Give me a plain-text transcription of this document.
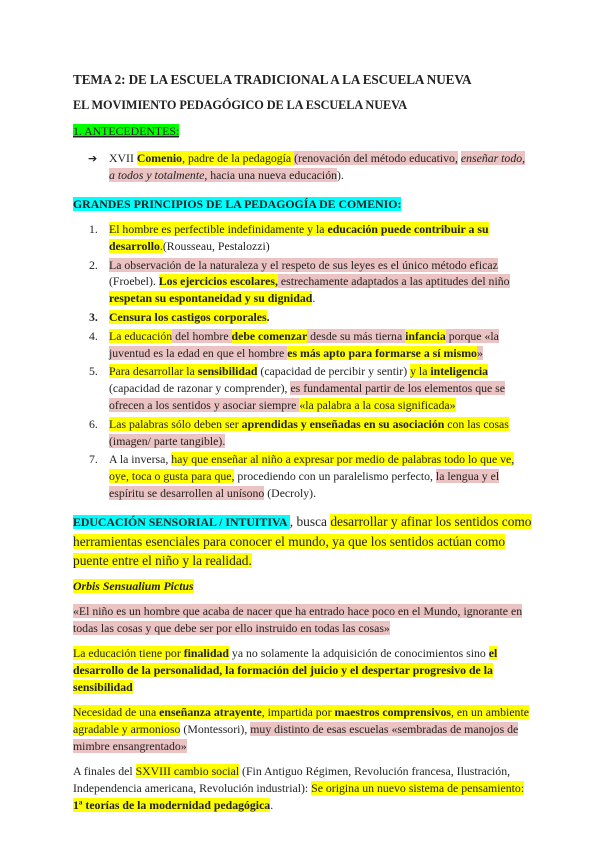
TEMA 2: DE LA ESCUELA TRADICIONAL A LA ESCUELA NUEVA
EL MOVIMIENTO PEDAGÓGICO DE LA ESCUELA NUEVA
1. ANTECEDENTES:
➔ XVII Comenio, padre de la pedagogía (renovación del método educativo, enseñar todo, a todos y totalmente, hacia una nueva educación).
GRANDES PRINCIPIOS DE LA PEDAGOGÍA DE COMENIO:
1. El hombre es perfectible indefinidamente y la educación puede contribuir a su desarrollo.(Rousseau, Pestalozzi)
2. La observación de la naturaleza y el respeto de sus leyes es el único método eficaz (Froebel). Los ejercicios escolares, estrechamente adaptados a las aptitudes del niño respetan su espontaneidad y su dignidad.
3. Censura los castigos corporales.
4. La educación del hombre debe comenzar desde su más tierna infancia porque «la juventud es la edad en que el hombre es más apto para formarse a sí mismo»
5. Para desarrollar la sensibilidad (capacidad de percibir y sentir) y la inteligencia (capacidad de razonar y comprender), es fundamental partir de los elementos que se ofrecen a los sentidos y asociar siempre «la palabra a la cosa significada»
6. Las palabras sólo deben ser aprendidas y enseñadas en su asociación con las cosas (imagen/ parte tangible).
7. A la inversa, hay que enseñar al niño a expresar por medio de palabras todo lo que ve, oye, toca o gusta para que, procediendo con un paralelismo perfecto, la lengua y el espíritu se desarrollen al unísono (Decroly).
EDUCACIÓN SENSORIAL / INTUITIVA , busca desarrollar y afinar los sentidos como herramientas esenciales para conocer el mundo, ya que los sentidos actúan como puente entre el niño y la realidad.
Orbis Sensualium Pictus
«El niño es un hombre que acaba de nacer que ha entrado hace poco en el Mundo, ignorante en todas las cosas y que debe ser por ello instruido en todas las cosas»
La educación tiene por finalidad ya no solamente la adquisición de conocimientos sino el desarrollo de la personalidad, la formación del juicio y el despertar progresivo de la sensibilidad
Necesidad de una enseñanza atrayente, impartida por maestros comprensivos, en un ambiente agradable y armonioso (Montessori), muy distinto de esas escuelas «sembradas de manojos de mimbre ensangrentado»
A finales del SXVIII cambio social (Fin Antiguo Régimen, Revolución francesa, Ilustración, Independencia americana, Revolución industrial): Se origina un nuevo sistema de pensamiento: 1ª teorías de la modernidad pedagógica.
